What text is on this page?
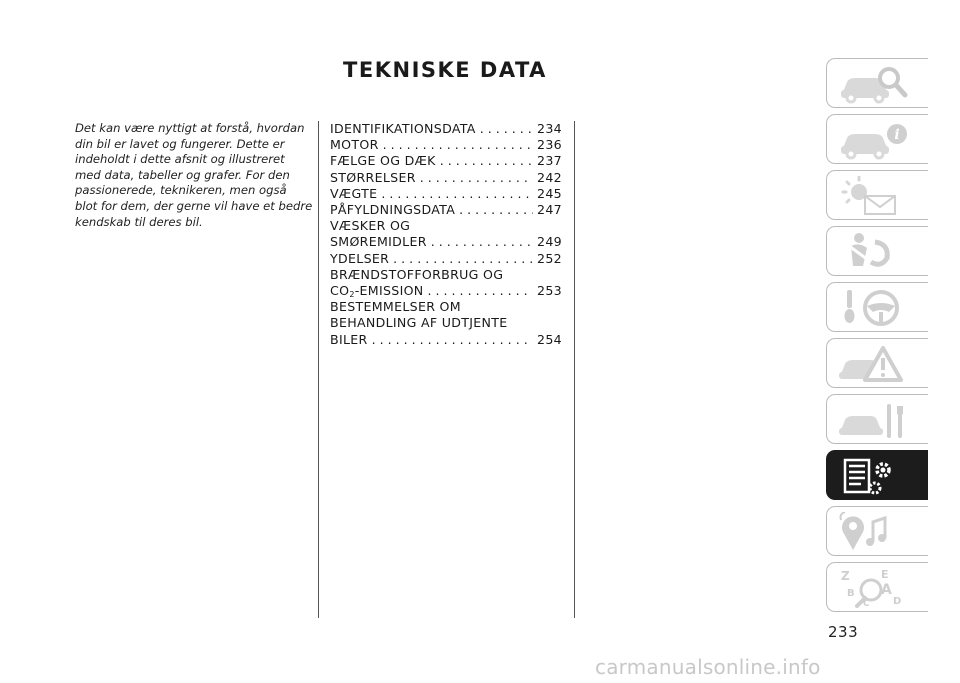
TEKNISKE DATA
Det kan være nyttigt at forstå, hvordan
din bil er lavet og fungerer. Dette er
indeholdt i dette afsnit og illustreret
med data, tabeller og grafer. For den
passionerede, teknikeren, men også
blot for dem, der gerne vil have et bedre
kendskab til deres bil.
IDENTIFIKATIONSDATA . . .	234
MOTOR . . .	236
FÆLGE OG DÆK . . .	237
STØRRELSER . . .	242
VÆGTE . . .	245
PÅFYLDNINGSDATA . . .	247
VÆSKER OG
SMØREMIDLER . . .	249
YDELSER . . .	252
BRÆNDSTOFFORBRUG OG
$CO_2$-EMISSION . . .	253
BESTEMMELSER OM
BEHANDLING AF UDTJENTE
BILER . . .	254
i
Z	E
B A
C D
233
carmanualsonline.info
